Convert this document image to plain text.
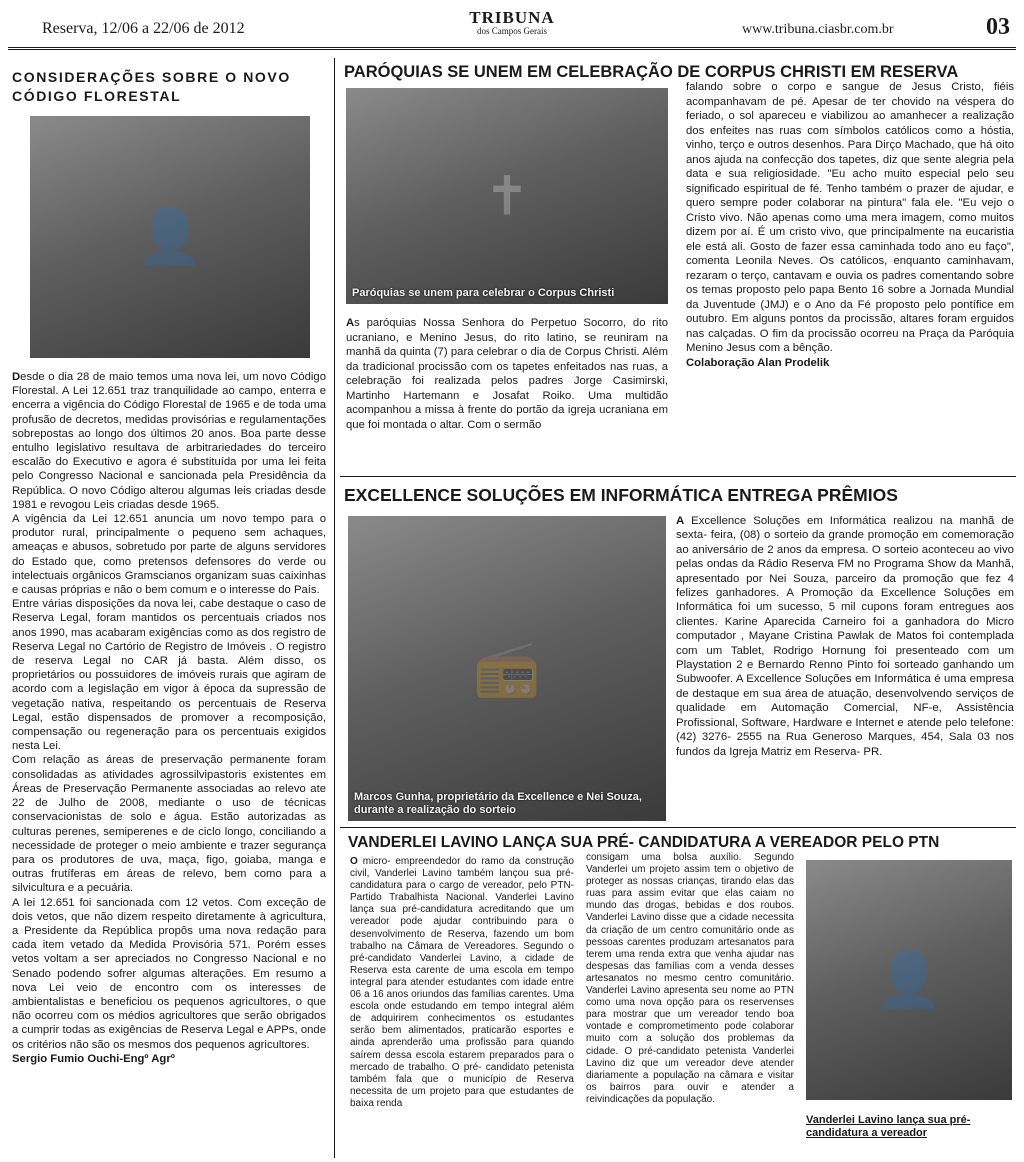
Reserva, 12/06 a 22/06 de 2012
TRIBUNA
dos Campos Gerais	www.tribuna.ciasbr.com.br	03
CONSIDERAÇÕES SOBRE O NOVO CÓDIGO FLORESTAL
👤

Desde o dia 28 de maio temos uma nova lei, um novo Código Florestal. A Lei 12.651 traz tranquilidade ao campo, enterra e encerra a vigência do Código Florestal de 1965 e de toda uma profusão de decretos, medidas provisórias e regulamentações sobrepostas ao longo dos últimos 20 anos. Boa parte desse entulho legislativo resultava de arbitrariedades do terceiro escalão do Executivo e agora é substituída por uma lei feita pelo Congresso Nacional e sancionada pela Presidência da República. O novo Código alterou algumas leis criadas desde 1981 e revogou Leis criadas desde 1965.

A vigência da Lei 12.651 anuncia um novo tempo para o produtor rural, principalmente o pequeno sem achaques, ameaças e abusos, sobretudo por parte de alguns servidores do Estado que, como pretensos defensores do verde ou intelectuais orgânicos Gramscianos organizam suas caixinhas e causas próprias e não o bem comum e o interesse do País.

Entre várias disposições da nova lei, cabe destaque o caso de Reserva Legal, foram mantidos os percentuais criados nos anos 1990, mas acabaram exigências como as dos registro de Reserva Legal no Cartório de Registro de Imóveis . O registro de reserva Legal no CAR já basta. Além disso, os proprietários ou possuidores de imóveis rurais que agiram de acordo com a legislação em vigor à época da supressão de vegetação nativa, respeitando os percentuais de Reserva Legal, estão dispensados de promover a recomposição, compensação ou regeneração para os percentuais exigidos nesta Lei.

Com relação as áreas de preservação permanente foram consolidadas as atividades agrossilvipastoris existentes em Áreas de Preservação Permanente associadas ao relevo ate 22 de Julho de 2008, mediante o uso de técnicas conservacionistas de solo e água. Estão autorizadas as culturas perenes, semiperenes e de ciclo longo, conciliando a necessidade de proteger o meio ambiente e trazer segurança para os produtores de uva, maça, figo, goiaba, manga e outras frutíferas em áreas de relevo, bem como para a silvicultura e a pecuária.

A lei 12.651 foi sancionada com 12 vetos. Com exceção de dois vetos, que não dizem respeito diretamente à agricultura, a Presidente da República propôs uma nova redação para cada item vetado da Medida Provisória 571. Porém esses vetos voltam a ser apreciados no Congresso Nacional e no Senado podendo sofrer algumas alterações. Em resumo a nova Lei veio de encontro com os interesses de ambientalistas e beneficiou os pequenos agricultores, o que não ocorreu com os médios agricultores que serão obrigados a cumprir todas as exigências de Reserva Legal e APPs, onde os critérios não são os mesmos dos pequenos agricultores.

Sergio Fumio Ouchi-Engº Agrº

PARÓQUIAS SE UNEM EM CELEBRAÇÃO DE CORPUS CHRISTI EM RESERVA
✝
Paróquias se unem para celebrar o Corpus Christi

As paróquias Nossa Senhora do Perpetuo Socorro, do rito ucraniano, e Menino Jesus, do rito latino, se reuniram na manhã da quinta (7) para celebrar o dia de Corpus Christi. Além da tradicional procissão com os tapetes enfeitados nas ruas, a celebração foi realizada pelos padres Jorge Casimirski, Martinho Hartemann e Josafat Roiko. Uma multidão acompanhou a missa à frente do portão da igreja ucraniana em que foi montada o altar. Com o sermão

falando sobre o corpo e sangue de Jesus Cristo, fiéis acompanhavam de pé. Apesar de ter chovido na véspera do feriado, o sol apareceu e viabilizou ao amanhecer a realização dos enfeites nas ruas com símbolos católicos como a hóstia, vinho, terço e outros desenhos. Para Dirço Machado, que há oito anos ajuda na confecção dos tapetes, diz que sente alegria pela data e sua religiosidade. "Eu acho muito especial pelo seu significado espiritual de fé. Tenho também o prazer de ajudar, e quero sempre poder colaborar na pintura" fala ele. "Eu vejo o Cristo vivo. Não apenas como uma mera imagem, como muitos dizem por aí. É um cristo vivo, que principalmente na eucaristia ele está ali. Gosto de fazer essa caminhada todo ano eu faço", comenta Leonila Neves. Os católicos, enquanto caminhavam, rezaram o terço, cantavam e ouvia os padres comentando sobre os temas proposto pelo papa Bento 16 sobre a Jornada Mundial da Juventude (JMJ) e o Ano da Fé proposto pelo pontífice em outubro. Em alguns pontos da procissão, altares foram erguidos nas calçadas. O fim da procissão ocorreu na Praça da Paróquia Menino Jesus com a bênção.

Colaboração Alan Prodelik

EXCELLENCE SOLUÇÕES EM INFORMÁTICA ENTREGA PRÊMIOS
📻
Marcos Gunha, proprietário da Excellence e Nei Souza, durante a realização do sorteio

A Excellence Soluções em Informática realizou na manhã de sexta- feira, (08) o sorteio da grande promoção em comemoração ao aniversário de 2 anos da empresa. O sorteio aconteceu ao vivo pelas ondas da Rádio Reserva FM no Programa Show da Manhã, apresentado por Nei Souza, parceiro da promoção que fez 4 felizes ganhadores. A Promoção da Excellence Soluções em Informática foi um sucesso, 5 mil cupons foram entregues aos clientes. Karine Aparecida Carneiro foi a ganhadora do Micro computador , Mayane Cristina Pawlak de Matos foi contemplada com um Tablet, Rodrigo Hornung foi presenteado com um Playstation 2 e Bernardo Renno Pinto foi sorteado ganhando um Subwoofer. A Excellence Soluções em Informática é uma empresa de destaque em sua área de atuação, desenvolvendo serviços de qualidade em Automação Comercial, NF-e, Assistência Profissional, Software, Hardware e Internet e atende pelo telefone: (42) 3276- 2555 na Rua Generoso Marques, 454, Sala 03 nos fundos da Igreja Matriz em Reserva- PR.

VANDERLEI LAVINO LANÇA SUA PRÉ- CANDIDATURA A VEREADOR PELO PTN

O micro- empreendedor do ramo da construção civil, Vanderlei Lavino também lançou sua pré- candidatura para o cargo de vereador, pelo PTN- Partido Trabalhista Nacional. Vanderlei Lavino lança sua pré-candidatura acreditando que um vereador pode ajudar contribuindo para o desenvolvimento de Reserva, fazendo um bom trabalho na Câmara de Vereadores. Segundo o pré-candidato Vanderlei Lavino, a cidade de Reserva esta carente de uma escola em tempo integral para atender estudantes com idade entre 06 a 16 anos oriundos das famílias carentes. Uma escola onde estudando em tempo integral além de adquirirem conhecimentos os estudantes serão bem alimentados, praticarão esportes e ainda aprenderão uma profissão para quando saírem dessa escola estarem preparados para o mercado de trabalho. O pré- candidato petenista também fala que o município de Reserva necessita de um projeto para que estudantes de baixa renda

consigam uma bolsa auxílio. Segundo Vanderlei um projeto assim tem o objetivo de proteger as nossas crianças, tirando elas das ruas para assim evitar que elas caiam no mundo das drogas, bebidas e dos roubos. Vanderlei Lavino disse que a cidade necessita da criação de um centro comunitário onde as pessoas carentes produzam artesanatos para terem uma renda extra que venha ajudar nas despesas das famílias com a venda desses artesanatos no mesmo centro comunitário. Vanderlei Lavino apresenta seu nome ao PTN como uma nova opção para os reservenses para mostrar que um vereador tendo boa vontade e comprometimento pode colaborar muito com a solução dos problemas da cidade. O pré-candidato petenista Vanderlei Lavino diz que um vereador deve atender diariamente a população na câmara e visitar os bairros para ouvir e atender a reivindicações da população.

👤
Vanderlei Lavino lança sua pré-candidatura a vereador
